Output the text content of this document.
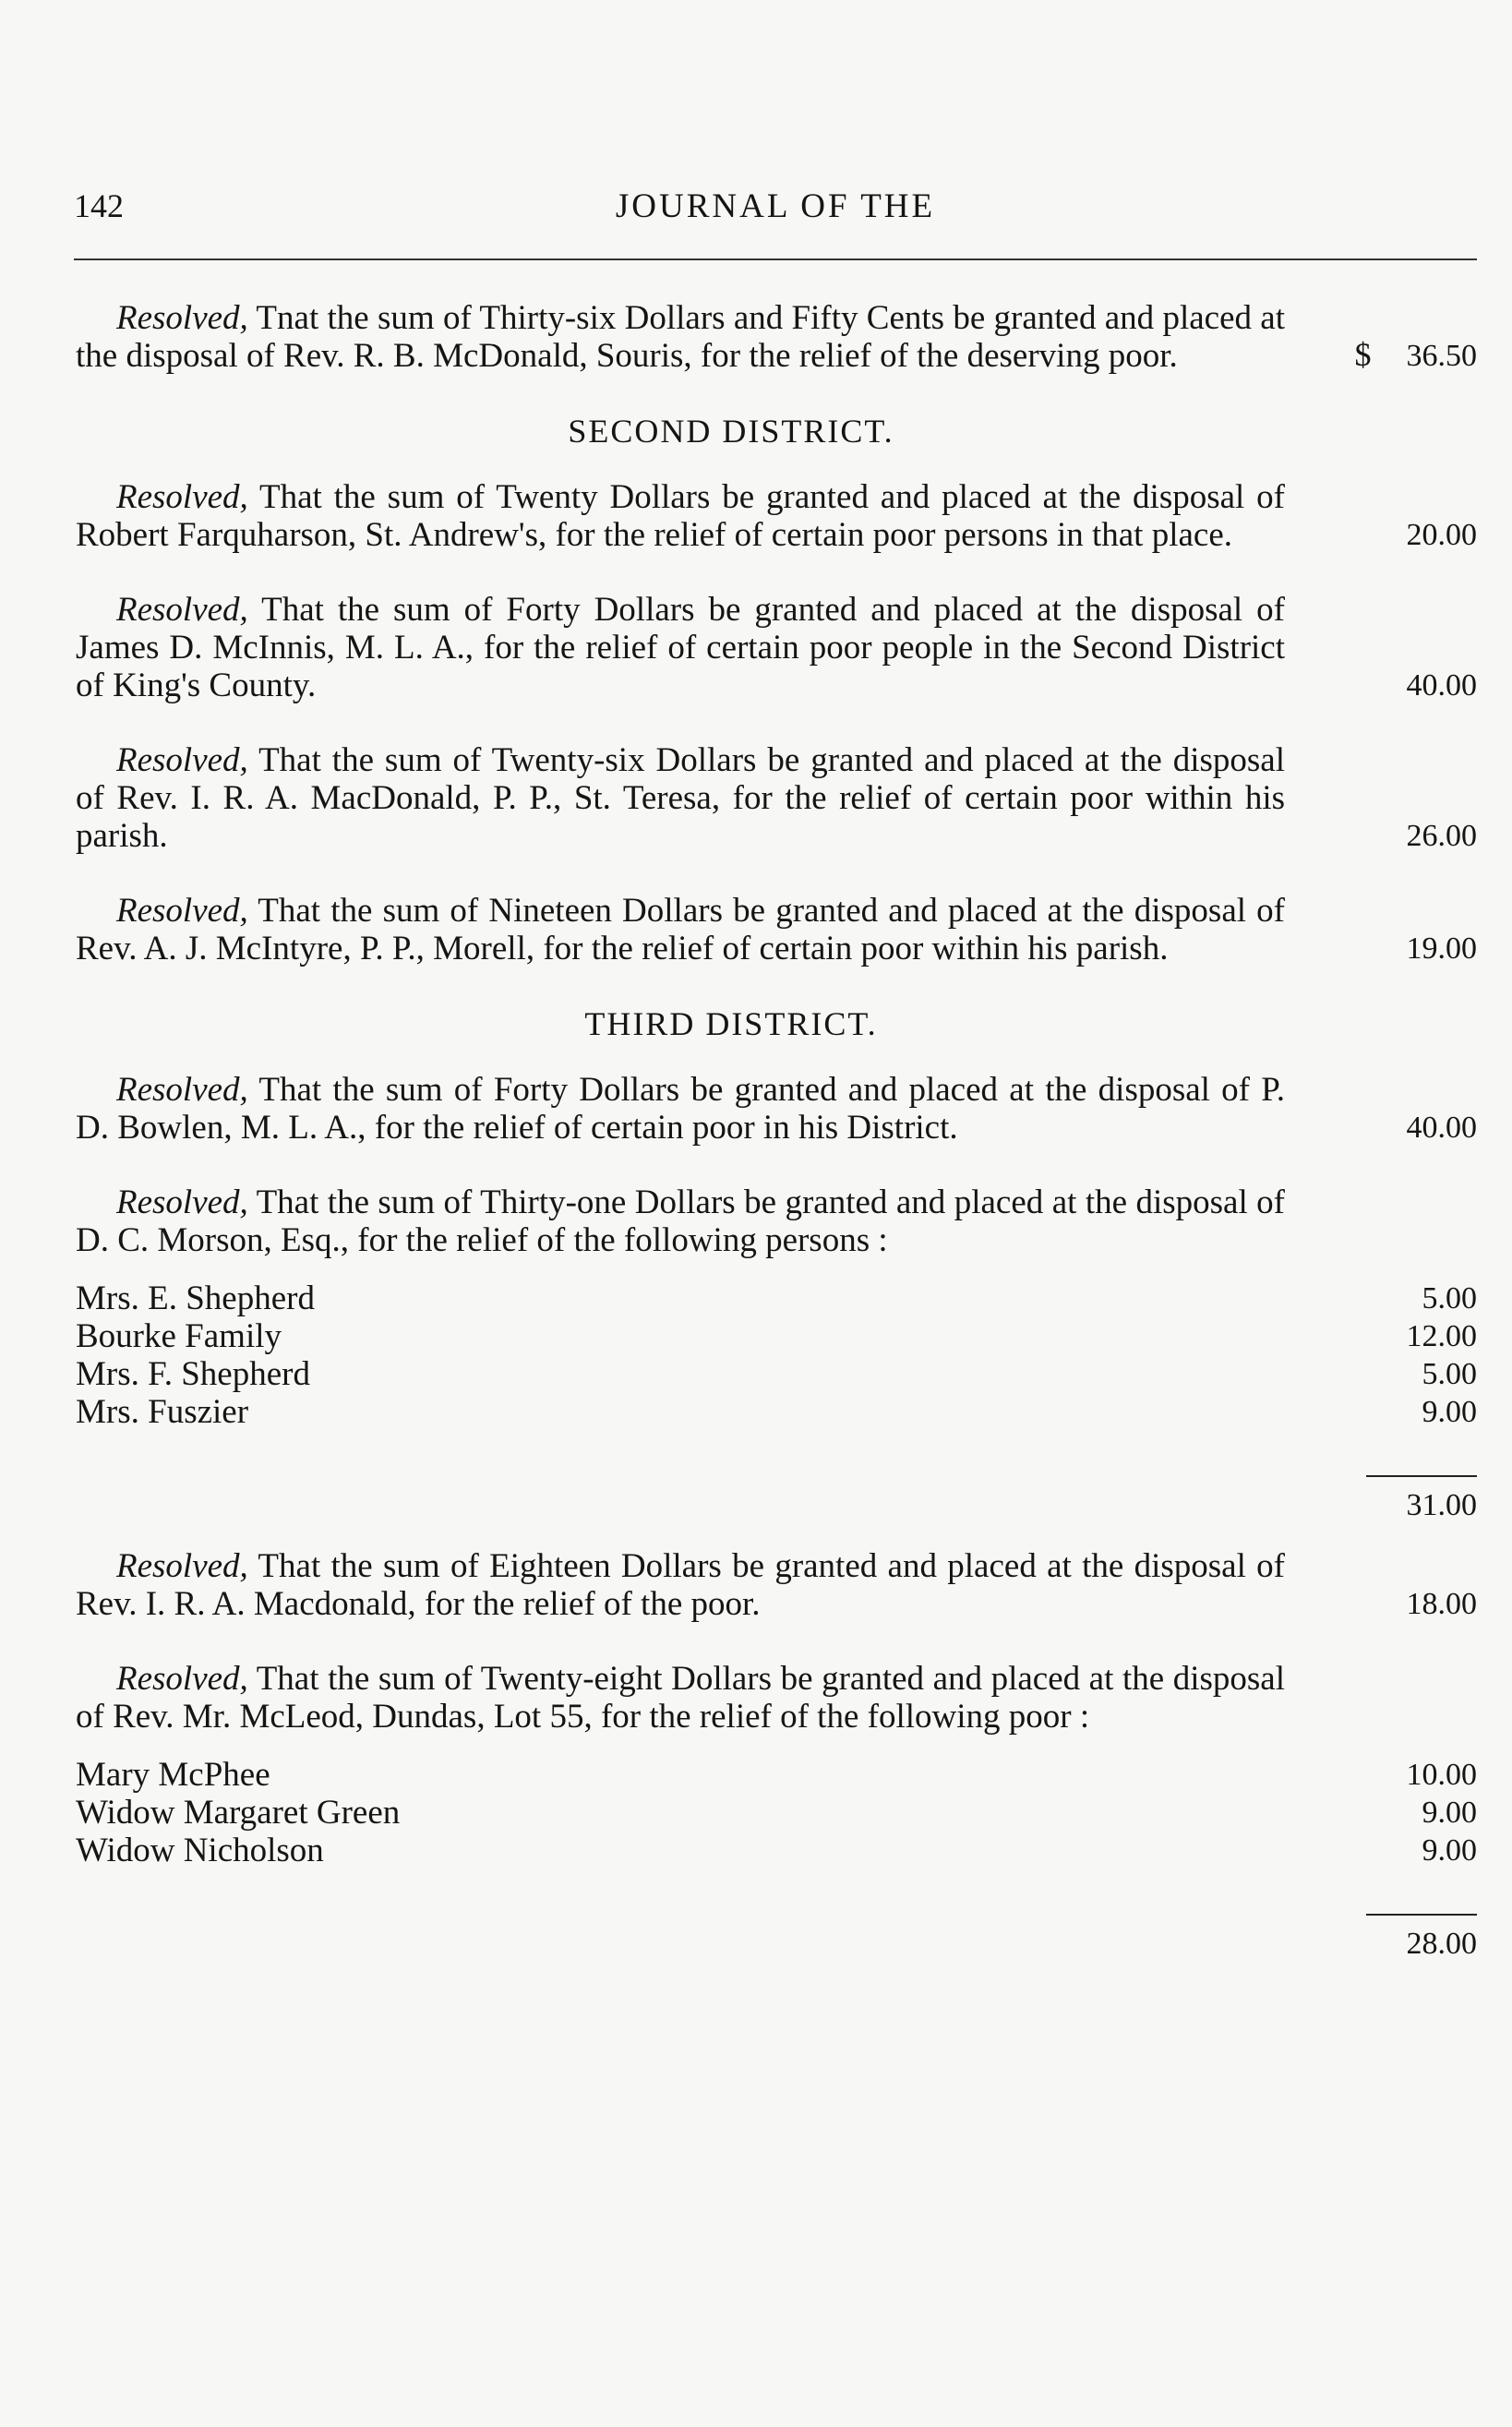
142	JOURNAL OF THE
Resolved, Tnat the sum of Thirty-six Dollars and Fifty Cents be granted and placed at the disposal of Rev. R. B. McDonald, Souris, for the relief of the deserving poor.	$ 36.50
SECOND DISTRICT.
Resolved, That the sum of Twenty Dollars be granted and placed at the disposal of Robert Farquharson, St. Andrew's, for the relief of certain poor persons in that place.	20.00
Resolved, That the sum of Forty Dollars be granted and placed at the disposal of James D. McInnis, M. L. A., for the relief of certain poor people in the Second District of King's County.	40.00
Resolved, That the sum of Twenty-six Dollars be granted and placed at the disposal of Rev. I. R. A. MacDonald, P. P., St. Teresa, for the relief of certain poor within his parish.	26.00
Resolved, That the sum of Nineteen Dollars be granted and placed at the disposal of Rev. A. J. McIntyre, P. P., Morell, for the relief of certain poor within his parish.	19.00
THIRD DISTRICT.
Resolved, That the sum of Forty Dollars be granted and placed at the disposal of P. D. Bowlen, M. L. A., for the relief of certain poor in his District.	40.00
Resolved, That the sum of Thirty-one Dollars be granted and placed at the disposal of D. C. Morson, Esq., for the relief of the following persons :
Mrs. E. Shepherd	5.00
Bourke Family	12.00
Mrs. F. Shepherd	5.00
Mrs. Fuszier	9.00
31.00
Resolved, That the sum of Eighteen Dollars be granted and placed at the disposal of Rev. I. R. A. Macdonald, for the relief of the poor.	18.00
Resolved, That the sum of Twenty-eight Dollars be granted and placed at the disposal of Rev. Mr. McLeod, Dundas, Lot 55, for the relief of the following poor :
Mary McPhee	10.00
Widow Margaret Green	9.00
Widow Nicholson	9.00
28.00
